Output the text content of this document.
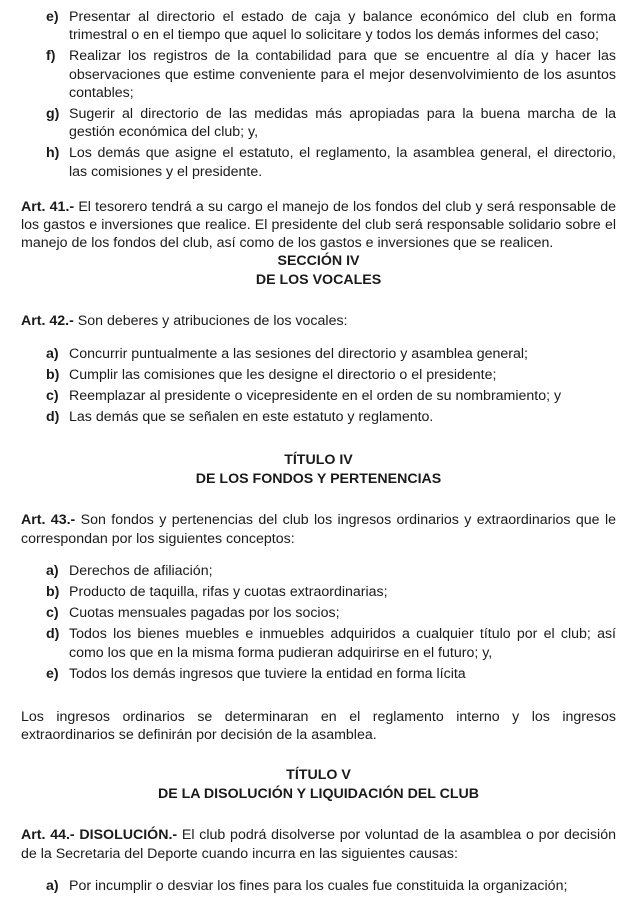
e) Presentar al directorio el estado de caja y balance económico del club en forma trimestral o en el tiempo que aquel lo solicitare y todos los demás informes del caso;
f) Realizar los registros de la contabilidad para que se encuentre al día y hacer las observaciones que estime conveniente para el mejor desenvolvimiento de los asuntos contables;
g) Sugerir al directorio de las medidas más apropiadas para la buena marcha de la gestión económica del club; y,
h) Los demás que asigne el estatuto, el reglamento, la asamblea general, el directorio, las comisiones y el presidente.

Art. 41.- El tesorero tendrá a su cargo el manejo de los fondos del club y será responsable de los gastos e inversiones que realice. El presidente del club será responsable solidario sobre el manejo de los fondos del club, así como de los gastos e inversiones que se realicen.

SECCIÓN IV

DE LOS VOCALES

Art. 42.- Son deberes y atribuciones de los vocales:

a) Concurrir puntualmente a las sesiones del directorio y asamblea general;
b) Cumplir las comisiones que les designe el directorio o el presidente;
c) Reemplazar al presidente o vicepresidente en el orden de su nombramiento; y
d) Las demás que se señalen en este estatuto y reglamento.

TÍTULO IV

DE LOS FONDOS Y PERTENENCIAS

Art. 43.- Son fondos y pertenencias del club los ingresos ordinarios y extraordinarios que le correspondan por los siguientes conceptos:

a) Derechos de afiliación;
b) Producto de taquilla, rifas y cuotas extraordinarias;
c) Cuotas mensuales pagadas por los socios;
d) Todos los bienes muebles e inmuebles adquiridos a cualquier título por el club; así como los que en la misma forma pudieran adquirirse en el futuro; y,
e) Todos los demás ingresos que tuviere la entidad en forma lícita

Los ingresos ordinarios se determinaran en el reglamento interno y los ingresos extraordinarios se definirán por decisión de la asamblea.

TÍTULO V

DE LA DISOLUCIÓN Y LIQUIDACIÓN DEL CLUB

Art. 44.- DISOLUCIÓN.- El club podrá disolverse por voluntad de la asamblea o por decisión de la Secretaria del Deporte cuando incurra en las siguientes causas:

a) Por incumplir o desviar los fines para los cuales fue constituida la organización;
